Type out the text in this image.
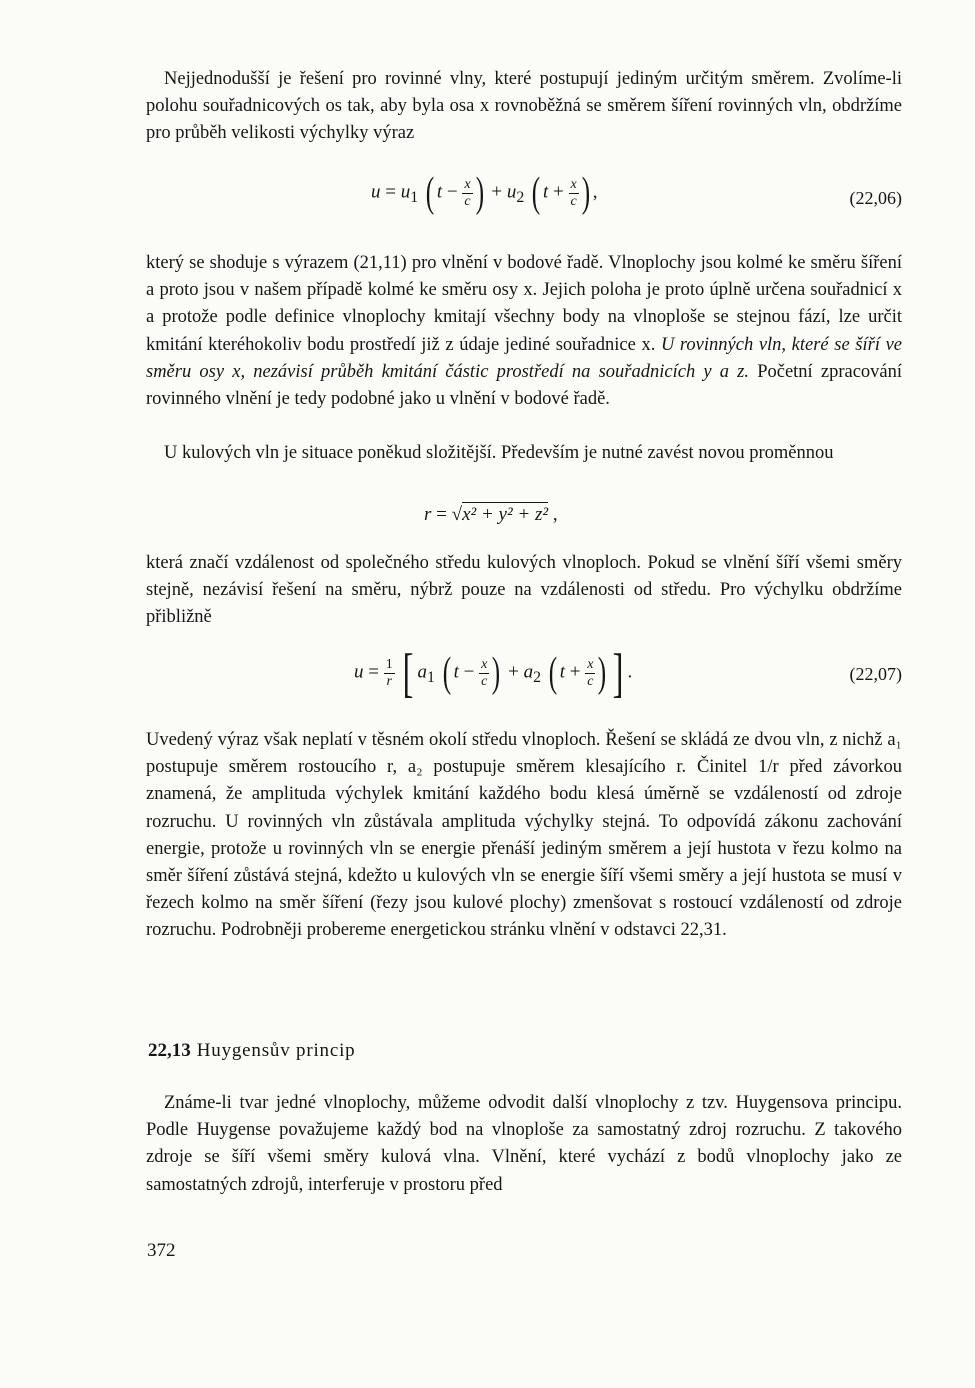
Nejjednodušší je řešení pro rovinné vlny, které postupují jediným určitým směrem. Zvolíme-li polohu souřadnicových os tak, aby byla osa x rovnoběžná se směrem šíření rovinných vln, obdržíme pro průběh velikosti výchylky výraz

$u = u_1$ ( $t - \frac{x}{c}$ ) + $u_2$ ( $t + \frac{x}{c}$ ) ,	(22,06)

který se shoduje s výrazem (21,11) pro vlnění v bodové řadě. Vlnoplochy jsou kolmé ke směru šíření a proto jsou v našem případě kolmé ke směru osy x. Jejich poloha je proto úplně určena souřadnicí x a protože podle definice vlnoplochy kmitají všechny body na vlnoploše se stejnou fází, lze určit kmitání kteréhokoliv bodu prostředí již z údaje jediné souřadnice x. U rovinných vln, které se šíří ve směru osy x, nezávisí průběh kmitání částic prostředí na souřadnicích y a z. Početní zpracování rovinného vlnění je tedy podobné jako u vlnění v bodové řadě.

U kulových vln je situace poněkud složitější. Především je nutné zavést novou proměnnou

r = √x² + y² + z² ,

která značí vzdálenost od společného středu kulových vlnoploch. Pokud se vlnění šíří všemi směry stejně, nezávisí řešení na směru, nýbrž pouze na vzdálenosti od středu. Pro výchylku obdržíme přibližně

$u = \frac{1}{r}$ [ $a_1$ ( $t - \frac{x}{c}$ ) + $a_2$ ( $t + \frac{x}{c}$ ) ] .	(22,07)

Uvedený výraz však neplatí v těsném okolí středu vlnoploch. Řešení se skládá ze dvou vln, z nichž a₁ postupuje směrem rostoucího r, a₂ postupuje směrem klesajícího r. Činitel 1/r před závorkou znamená, že amplituda výchylek kmitání každého bodu klesá úměrně se vzdáleností od zdroje rozruchu. U rovinných vln zůstávala amplituda výchylky stejná. To odpovídá zákonu zachování energie, protože u rovinných vln se energie přenáší jediným směrem a její hustota v řezu kolmo na směr šíření zůstává stejná, kdežto u kulových vln se energie šíří všemi směry a její hustota se musí v řezech kolmo na směr šíření (řezy jsou kulové plochy) zmenšovat s rostoucí vzdáleností od zdroje rozruchu. Podrobněji probereme energetickou stránku vlnění v odstavci 22,31.

22,13 Huygensův princip

Známe-li tvar jedné vlnoplochy, můžeme odvodit další vlnoplochy z tzv. Huygensova principu. Podle Huygense považujeme každý bod na vlnoploše za samostatný zdroj rozruchu. Z takového zdroje se šíří všemi směry kulová vlna. Vlnění, které vychází z bodů vlnoplochy jako ze samostatných zdrojů, interferuje v prostoru před

372
